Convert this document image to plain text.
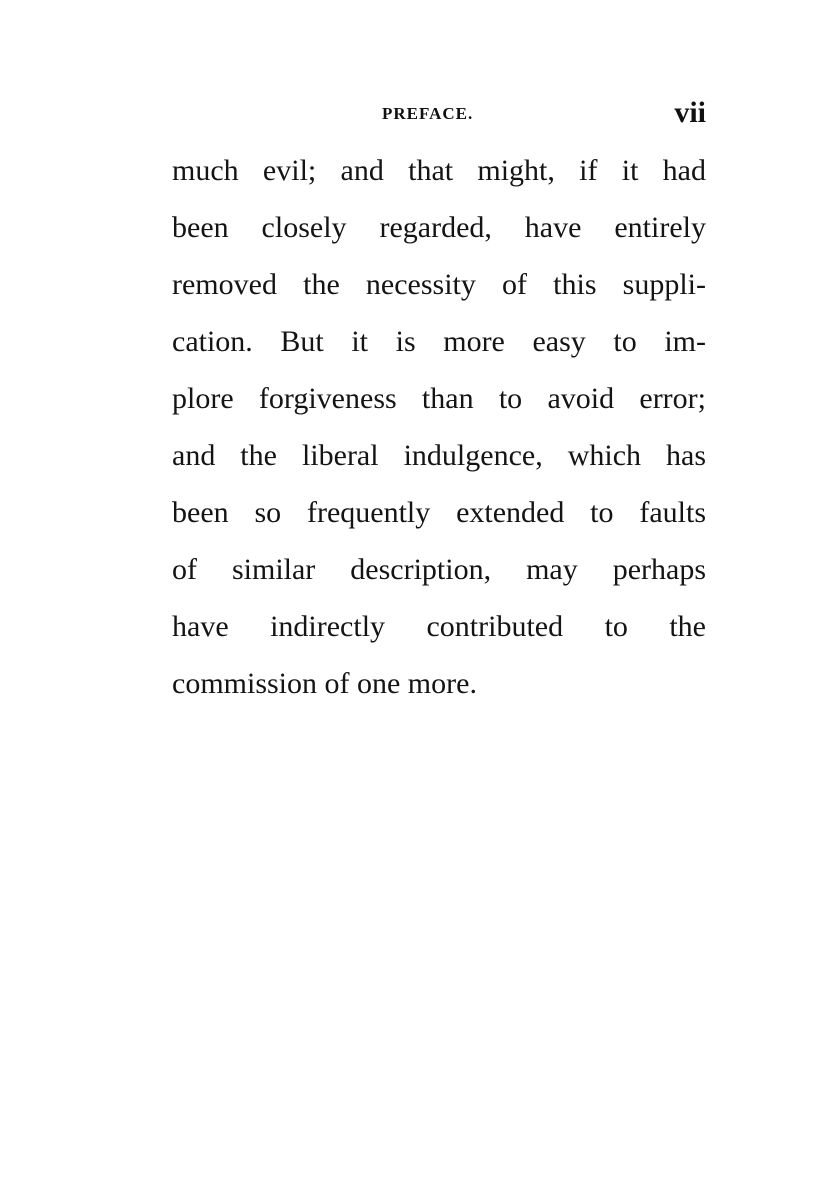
PREFACE.	vii
much evil; and that might, if it had
been closely regarded, have entirely
removed the necessity of this suppli-
cation. But it is more easy to im-
plore forgiveness than to avoid error;
and the liberal indulgence, which has
been so frequently extended to faults
of similar description, may perhaps
have indirectly contributed to the
commission of one more.
